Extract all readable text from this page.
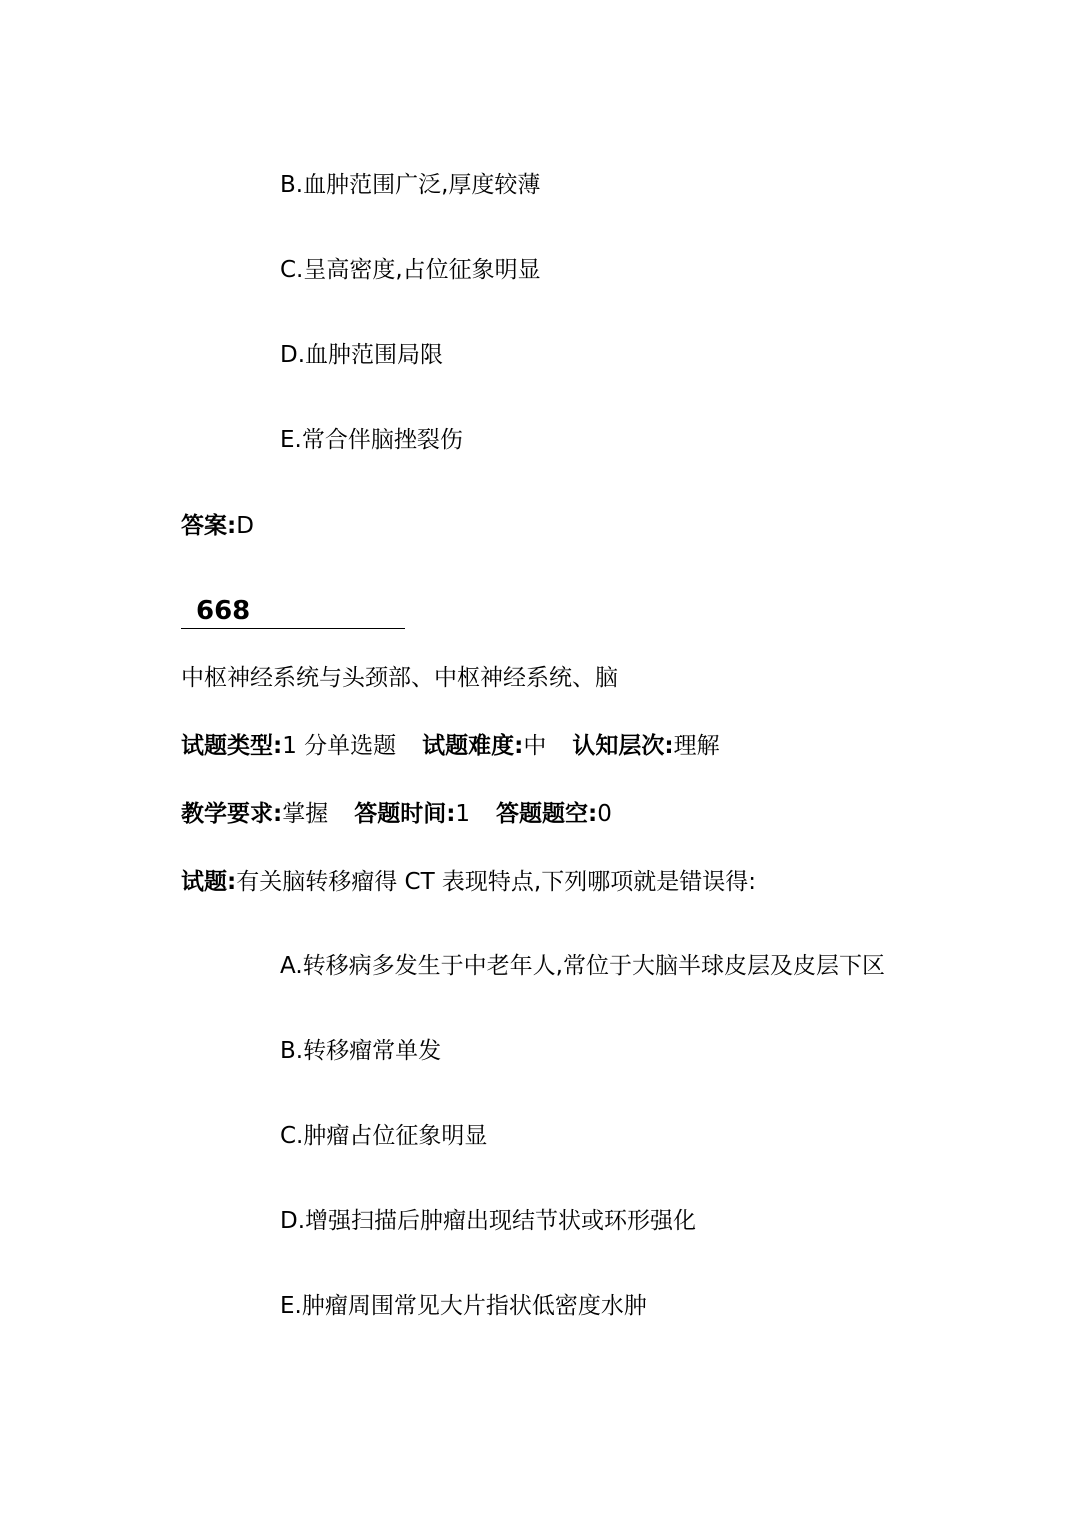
B.血肿范围广泛,厚度较薄
C.呈高密度,占位征象明显
D.血肿范围局限
E.常合伴脑挫裂伤
答案:D
668
中枢神经系统与头颈部、中枢神经系统、脑
试题类型:1 分单选题 试题难度:中 认知层次:理解
教学要求:掌握 答题时间:1 答题题空:0
试题:有关脑转移瘤得 CT 表现特点,下列哪项就是错误得:
A.转移病多发生于中老年人,常位于大脑半球皮层及皮层下区
B.转移瘤常单发
C.肿瘤占位征象明显
D.增强扫描后肿瘤出现结节状或环形强化
E.肿瘤周围常见大片指状低密度水肿
